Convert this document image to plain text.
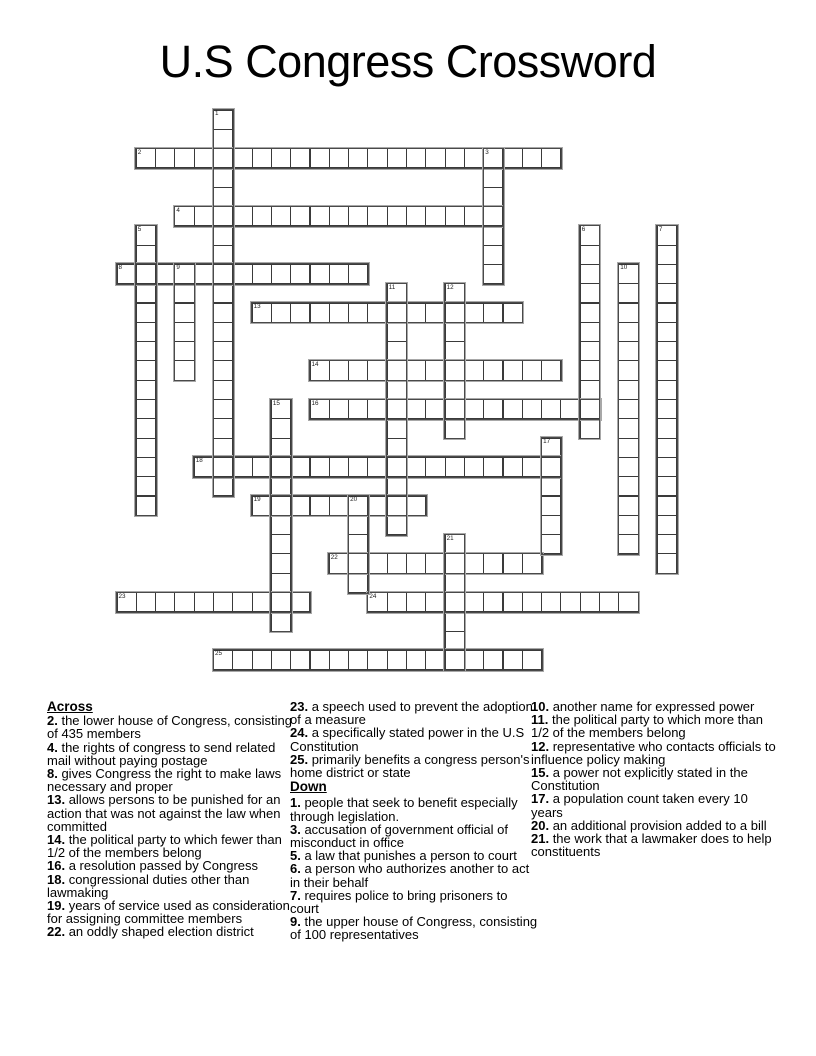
U.S Congress Crossword
1
2	3
4
5	6	7
8	9	10
11	12
13
14
15	16
17
18
19	20
21
22
23	24
25
Across
2. the lower house of Congress, consisting of 435 members
4. the rights of congress to send related mail without paying postage
8. gives Congress the right to make laws necessary and proper
13. allows persons to be punished for an action that was not against the law when committed
14. the political party to which fewer than 1/2 of the members belong
16. a resolution passed by Congress
18. congressional duties other than lawmaking
19. years of service used as consideration for assigning committee members
22. an oddly shaped election district
23. a speech used to prevent the adoption of a measure
24. a specifically stated power in the U.S Constitution
25. primarily benefits a congress person's home district or state
Down
1. people that seek to benefit especially through legislation.
3. accusation of government official of misconduct in office
5. a law that punishes a person to court
6. a person who authorizes another to act in their behalf
7. requires police to bring prisoners to court
9. the upper house of Congress, consisting of 100 representatives
10. another name for expressed power
11. the political party to which more than 1/2 of the members belong
12. representative who contacts officials to influence policy making
15. a power not explicitly stated in the Constitution
17. a population count taken every 10 years
20. an additional provision added to a bill
21. the work that a lawmaker does to help constituents
